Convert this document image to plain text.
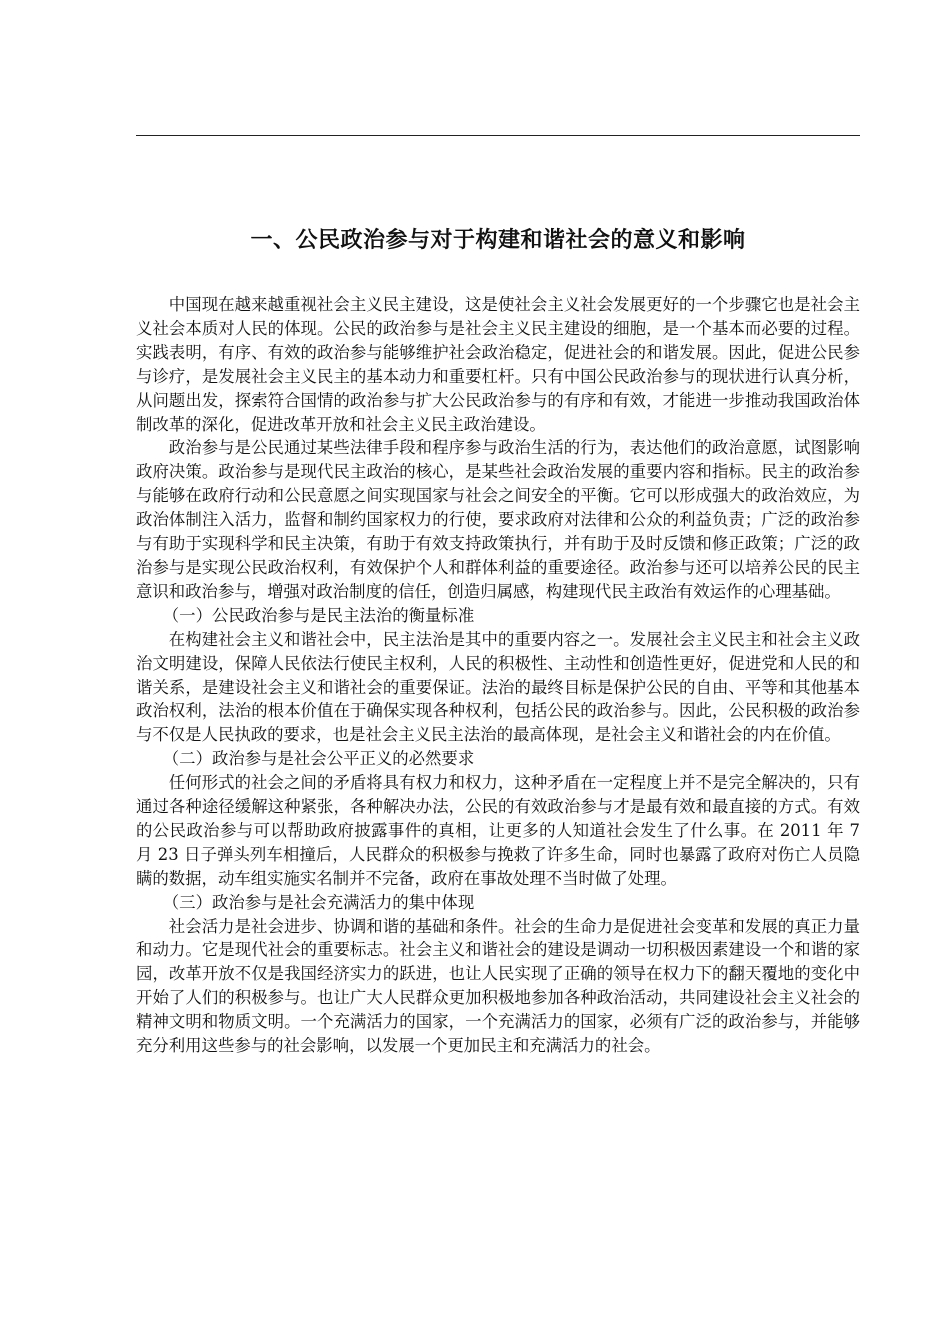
一、公民政治参与对于构建和谐社会的意义和影响

中国现在越来越重视社会主义民主建设，这是使社会主义社会发展更好的一个步骤它也是社会主义社会本质对人民的体现。公民的政治参与是社会主义民主建设的细胞，是一个基本而必要的过程。实践表明，有序、有效的政治参与能够维护社会政治稳定，促进社会的和谐发展。因此，促进公民参与诊疗，是发展社会主义民主的基本动力和重要杠杆。只有中国公民政治参与的现状进行认真分析，从问题出发，探索符合国情的政治参与扩大公民政治参与的有序和有效，才能进一步推动我国政治体制改革的深化，促进改革开放和社会主义民主政治建设。

政治参与是公民通过某些法律手段和程序参与政治生活的行为，表达他们的政治意愿，试图影响政府决策。政治参与是现代民主政治的核心，是某些社会政治发展的重要内容和指标。民主的政治参与能够在政府行动和公民意愿之间实现国家与社会之间安全的平衡。它可以形成强大的政治效应，为政治体制注入活力，监督和制约国家权力的行使，要求政府对法律和公众的利益负责；广泛的政治参与有助于实现科学和民主决策，有助于有效支持政策执行，并有助于及时反馈和修正政策；广泛的政治参与是实现公民政治权利，有效保护个人和群体利益的重要途径。政治参与还可以培养公民的民主意识和政治参与，增强对政治制度的信任，创造归属感，构建现代民主政治有效运作的心理基础。

（一）公民政治参与是民主法治的衡量标准

在构建社会主义和谐社会中，民主法治是其中的重要内容之一。发展社会主义民主和社会主义政治文明建设，保障人民依法行使民主权利，人民的积极性、主动性和创造性更好，促进党和人民的和谐关系，是建设社会主义和谐社会的重要保证。法治的最终目标是保护公民的自由、平等和其他基本政治权利，法治的根本价值在于确保实现各种权利，包括公民的政治参与。因此，公民积极的政治参与不仅是人民执政的要求，也是社会主义民主法治的最高体现，是社会主义和谐社会的内在价值。

（二）政治参与是社会公平正义的必然要求

任何形式的社会之间的矛盾将具有权力和权力，这种矛盾在一定程度上并不是完全解决的，只有通过各种途径缓解这种紧张，各种解决办法，公民的有效政治参与才是最有效和最直接的方式。有效的公民政治参与可以帮助政府披露事件的真相，让更多的人知道社会发生了什么事。在 2011 年 7 月 23 日子弹头列车相撞后，人民群众的积极参与挽救了许多生命，同时也暴露了政府对伤亡人员隐瞒的数据，动车组实施实名制并不完备，政府在事故处理不当时做了处理。

（三）政治参与是社会充满活力的集中体现

社会活力是社会进步、协调和谐的基础和条件。社会的生命力是促进社会变革和发展的真正力量和动力。它是现代社会的重要标志。社会主义和谐社会的建设是调动一切积极因素建设一个和谐的家园，改革开放不仅是我国经济实力的跃进，也让人民实现了正确的领导在权力下的翻天覆地的变化中开始了人们的积极参与。也让广大人民群众更加积极地参加各种政治活动，共同建设社会主义社会的精神文明和物质文明。一个充满活力的国家，一个充满活力的国家，必须有广泛的政治参与，并能够充分利用这些参与的社会影响，以发展一个更加民主和充满活力的社会。
